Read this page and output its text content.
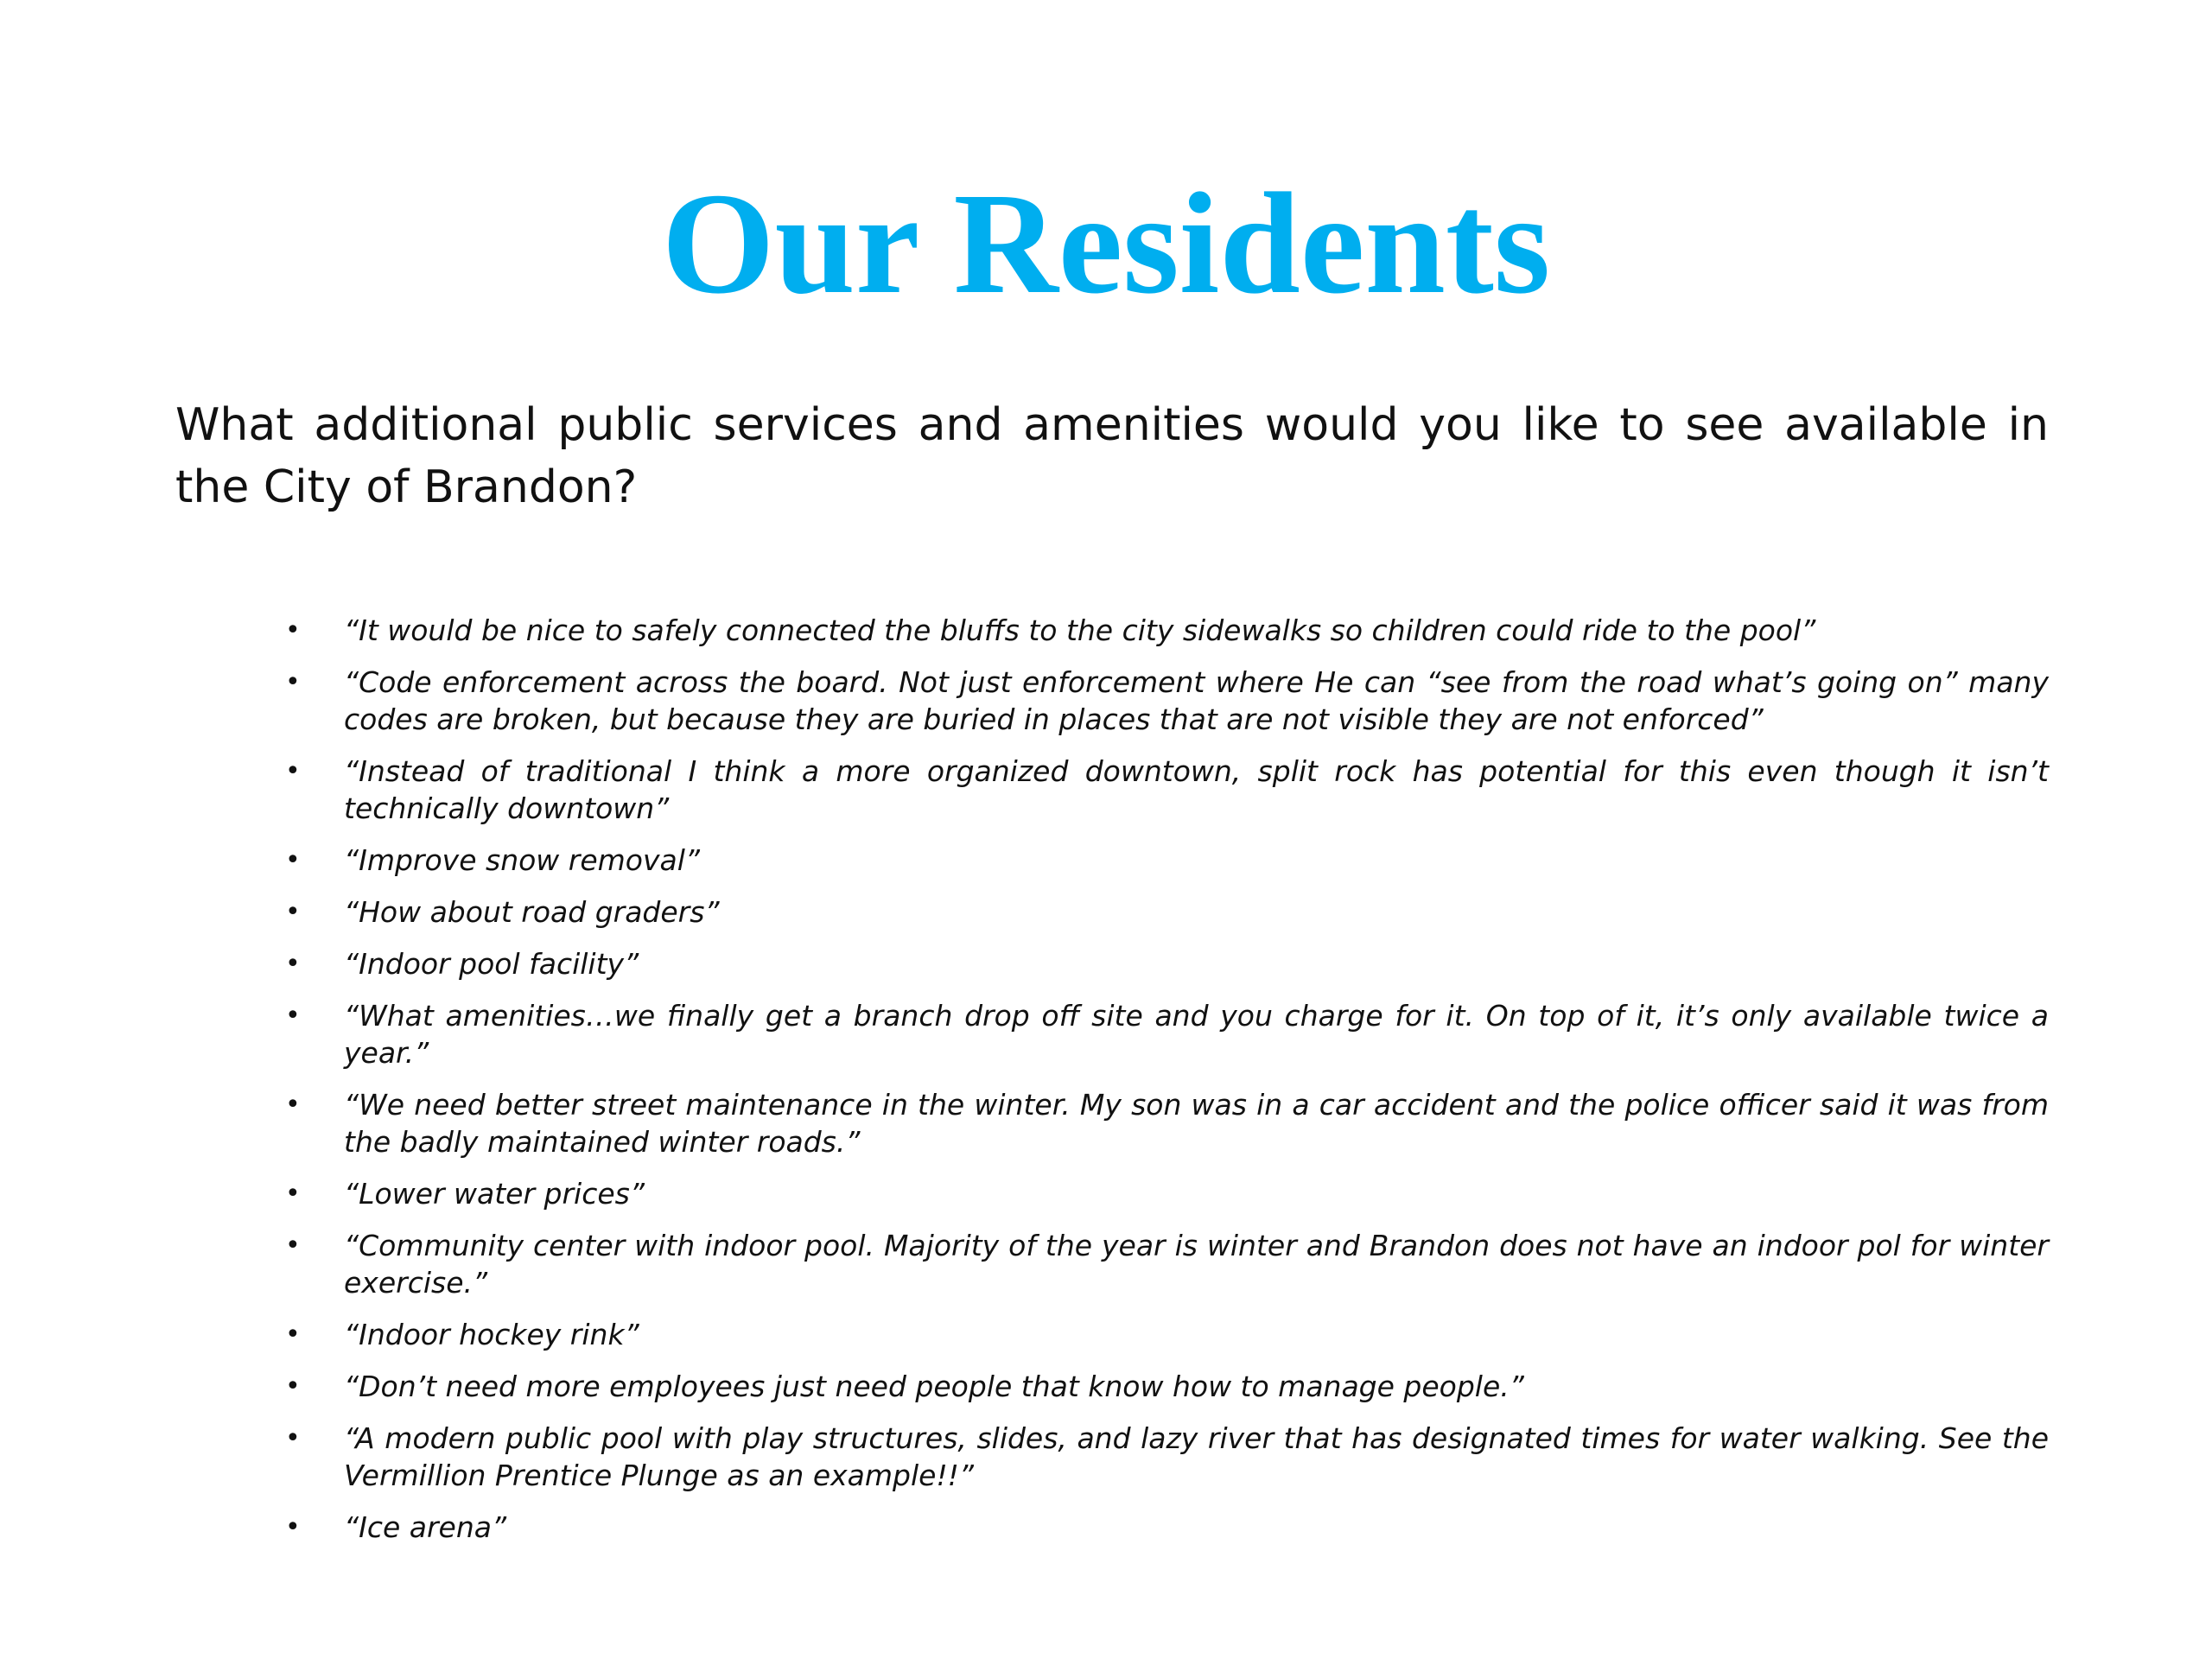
Our Residents

What additional public services and amenities would you like to see available in the City of Brandon?

• “It would be nice to safely connected the bluffs to the city sidewalks so children could ride to the pool”
• “Code enforcement across the board. Not just enforcement where He can “see from the road what’s going on” many codes are broken, but because they are buried in places that are not visible they are not enforced”
• “Instead of traditional I think a more organized downtown, split rock has potential for this even though it isn’t technically downtown”
• “Improve snow removal”
• “How about road graders”
• “Indoor pool facility”
• “What amenities…we finally get a branch drop off site and you charge for it. On top of it, it’s only available twice a year.”
• “We need better street maintenance in the winter. My son was in a car accident and the police officer said it was from the badly maintained winter roads.”
• “Lower water prices”
• “Community center with indoor pool. Majority of the year is winter and Brandon does not have an indoor pol for winter exercise.”
• “Indoor hockey rink”
• “Don’t need more employees just need people that know how to manage people.”
• “A modern public pool with play structures, slides, and lazy river that has designated times for water walking. See the Vermillion Prentice Plunge as an example!!”
• “Ice arena”
